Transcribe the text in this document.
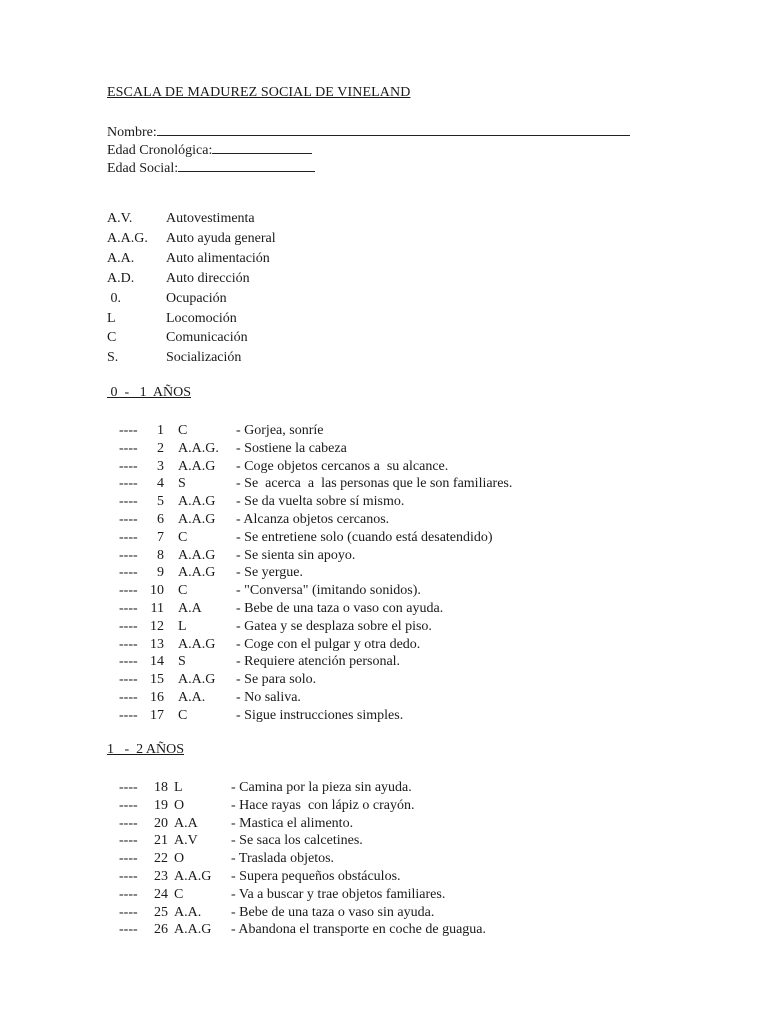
ESCALA DE MADUREZ SOCIAL DE VINELAND
Nombre:
Edad Cronológica:
Edad Social:
A.V. Autovestimenta
A.A.G. Auto ayuda general
A.A. Auto alimentación
A.D. Auto dirección
0.	Ocupación
L	Locomoción
C	Comunicación
S.	Socialización
0  -   1  AÑOS
---- 1 C	- Gorjea, sonríe
---- 2 A.A.G. - Sostiene la cabeza
---- 3 A.A.G - Coge objetos cercanos a  su alcance.
---- 4 S	- Se  acerca  a  las personas que le son familiares.
---- 5 A.A.G - Se da vuelta sobre sí mismo.
---- 6 A.A.G - Alcanza objetos cercanos.
---- 7 C	- Se entretiene solo (cuando está desatendido)
---- 8 A.A.G - Se sienta sin apoyo.
---- 9 A.A.G - Se yergue.
---- 10 C	- "Conversa" (imitando sonidos).
---- 11 A.A - Bebe de una taza o vaso con ayuda.
---- 12 L	- Gatea y se desplaza sobre el piso.
---- 13 A.A.G - Coge con el pulgar y otra dedo.
---- 14 S	- Requiere atención personal.
---- 15 A.A.G - Se para solo.
---- 16 A.A. - No saliva.
---- 17 C	- Sigue instrucciones simples.
1   -  2 AÑOS
---- 18 L	- Camina por la pieza sin ayuda.
---- 19 O	- Hace rayas  con lápiz o crayón.
---- 20 A.A - Mastica el alimento.
---- 21 A.V - Se saca los calcetines.
---- 22 O	- Traslada objetos.
---- 23 A.A.G - Supera pequeños obstáculos.
---- 24 C	- Va a buscar y trae objetos familiares.
---- 25 A.A. - Bebe de una taza o vaso sin ayuda.
---- 26 A.A.G - Abandona el transporte en coche de guagua.
